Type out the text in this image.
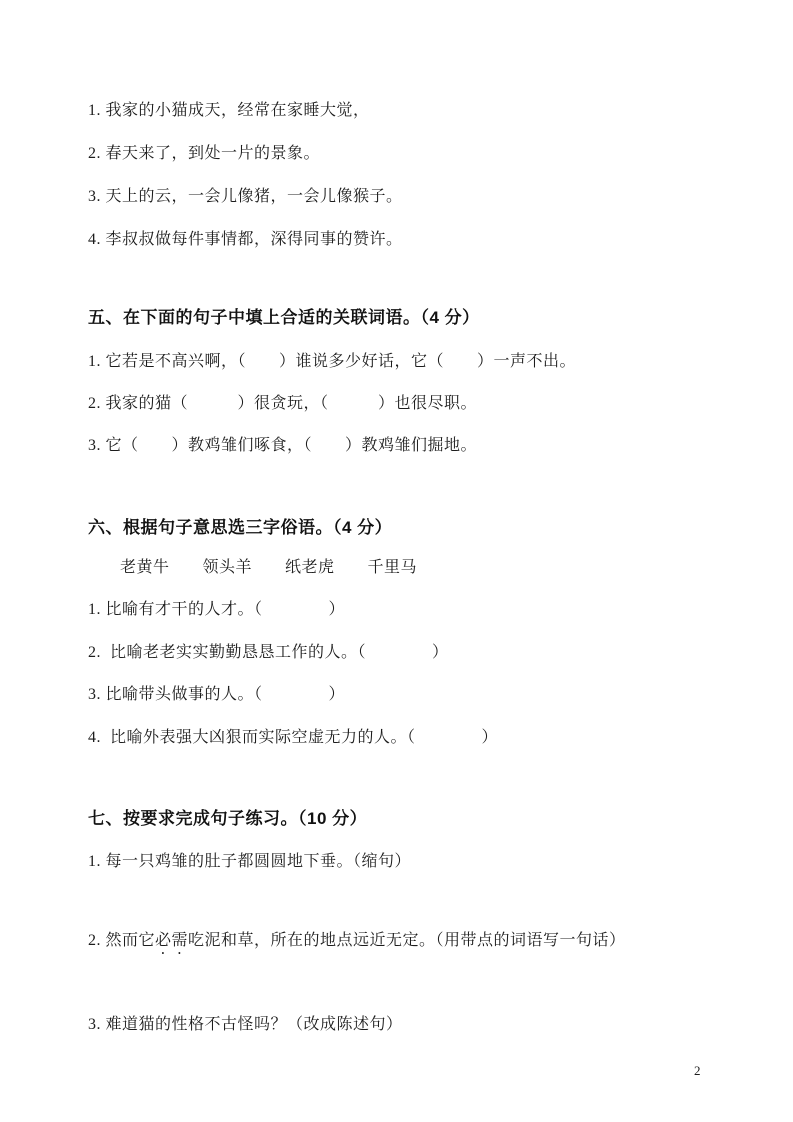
1. 我家的小猫成天，经常在家睡大觉，
2. 春天来了，到处一片的景象。
3. 天上的云，一会儿像猪，一会儿像猴子。
4. 李叔叔做每件事情都，深得同事的赞许。
五、在下面的句子中填上合适的关联词语。（4 分）
1. 它若是不高兴啊，（　　）谁说多少好话，它（　　）一声不出。
2. 我家的猫（　　　）很贪玩，（　　　）也很尽职。
3. 它（　　）教鸡雏们啄食，（　　）教鸡雏们掘地。
六、根据句子意思选三字俗语。（4 分）
老黄牛　　领头羊　　纸老虎　　千里马
1. 比喻有才干的人才。（　　　　）
2.  比喻老老实实勤勤恳恳工作的人。（　　　　）
3. 比喻带头做事的人。（　　　　）
4.  比喻外表强大凶狠而实际空虚无力的人。（　　　　）
七、按要求完成句子练习。（10 分）
1. 每一只鸡雏的肚子都圆圆地下垂。（缩句）
2. 然而它必需吃泥和草，所在的地点远近无定。（用带点的词语写一句话）
3. 难道猫的性格不古怪吗？（改成陈述句）
2
